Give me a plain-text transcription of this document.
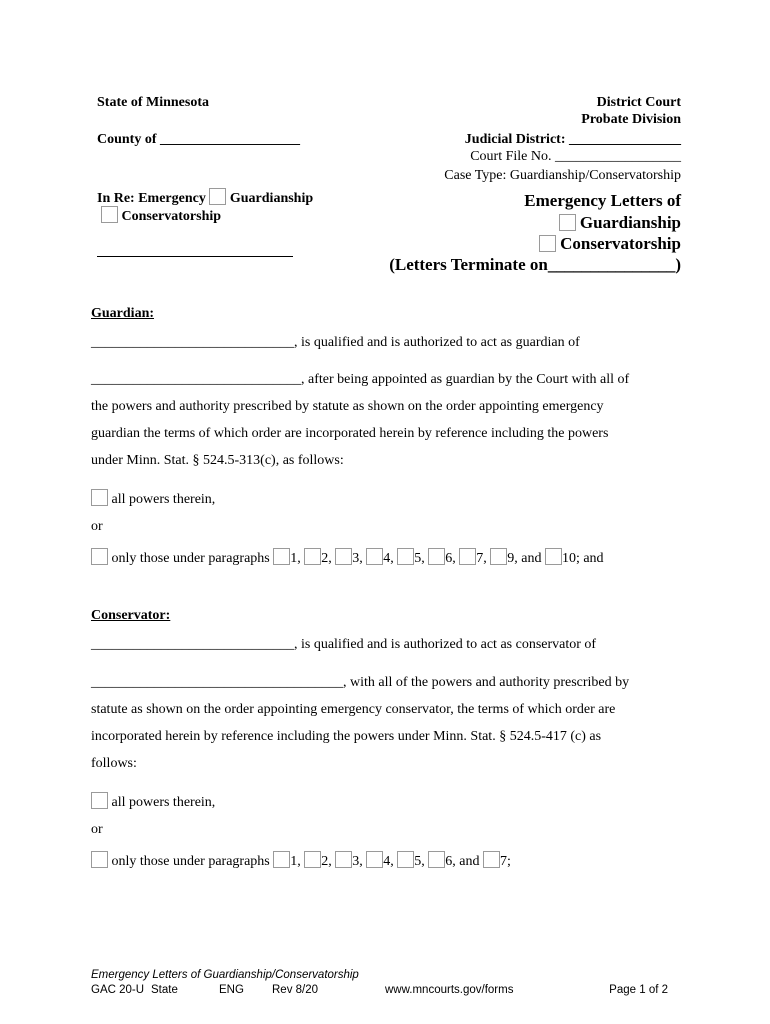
State of Minnesota
County of ____________________
District Court
Probate Division
Judicial District: ________________
Court File No. __________________
Case Type: Guardianship/Conservatorship
In Re: Emergency Guardianship
Conservatorship
Emergency Letters of
Guardianship
Conservatorship
(Letters Terminate on_______________)
Guardian:
_____________________________, is qualified and is authorized to act as guardian of
______________________________, after being appointed as guardian by the Court with all of
the powers and authority prescribed by statute as shown on the order appointing emergency
guardian the terms of which order are incorporated herein by reference including the powers
under Minn. Stat. § 524.5-313(c), as follows:
all powers therein,
or
only those under paragraphs 1, 2, 3, 4, 5, 6, 7, 9, and 10; and
Conservator:
_____________________________, is qualified and is authorized to act as conservator of
____________________________________, with all of the powers and authority prescribed by
statute as shown on the order appointing emergency conservator, the terms of which order are
incorporated herein by reference including the powers under Minn. Stat. § 524.5-417 (c) as
follows:
all powers therein,
or
only those under paragraphs 1, 2, 3, 4, 5, 6, and 7;
Emergency Letters of Guardianship/Conservatorship
GAC 20-U State	ENG Rev 8/20	www.mncourts.gov/forms	Page 1 of 2
